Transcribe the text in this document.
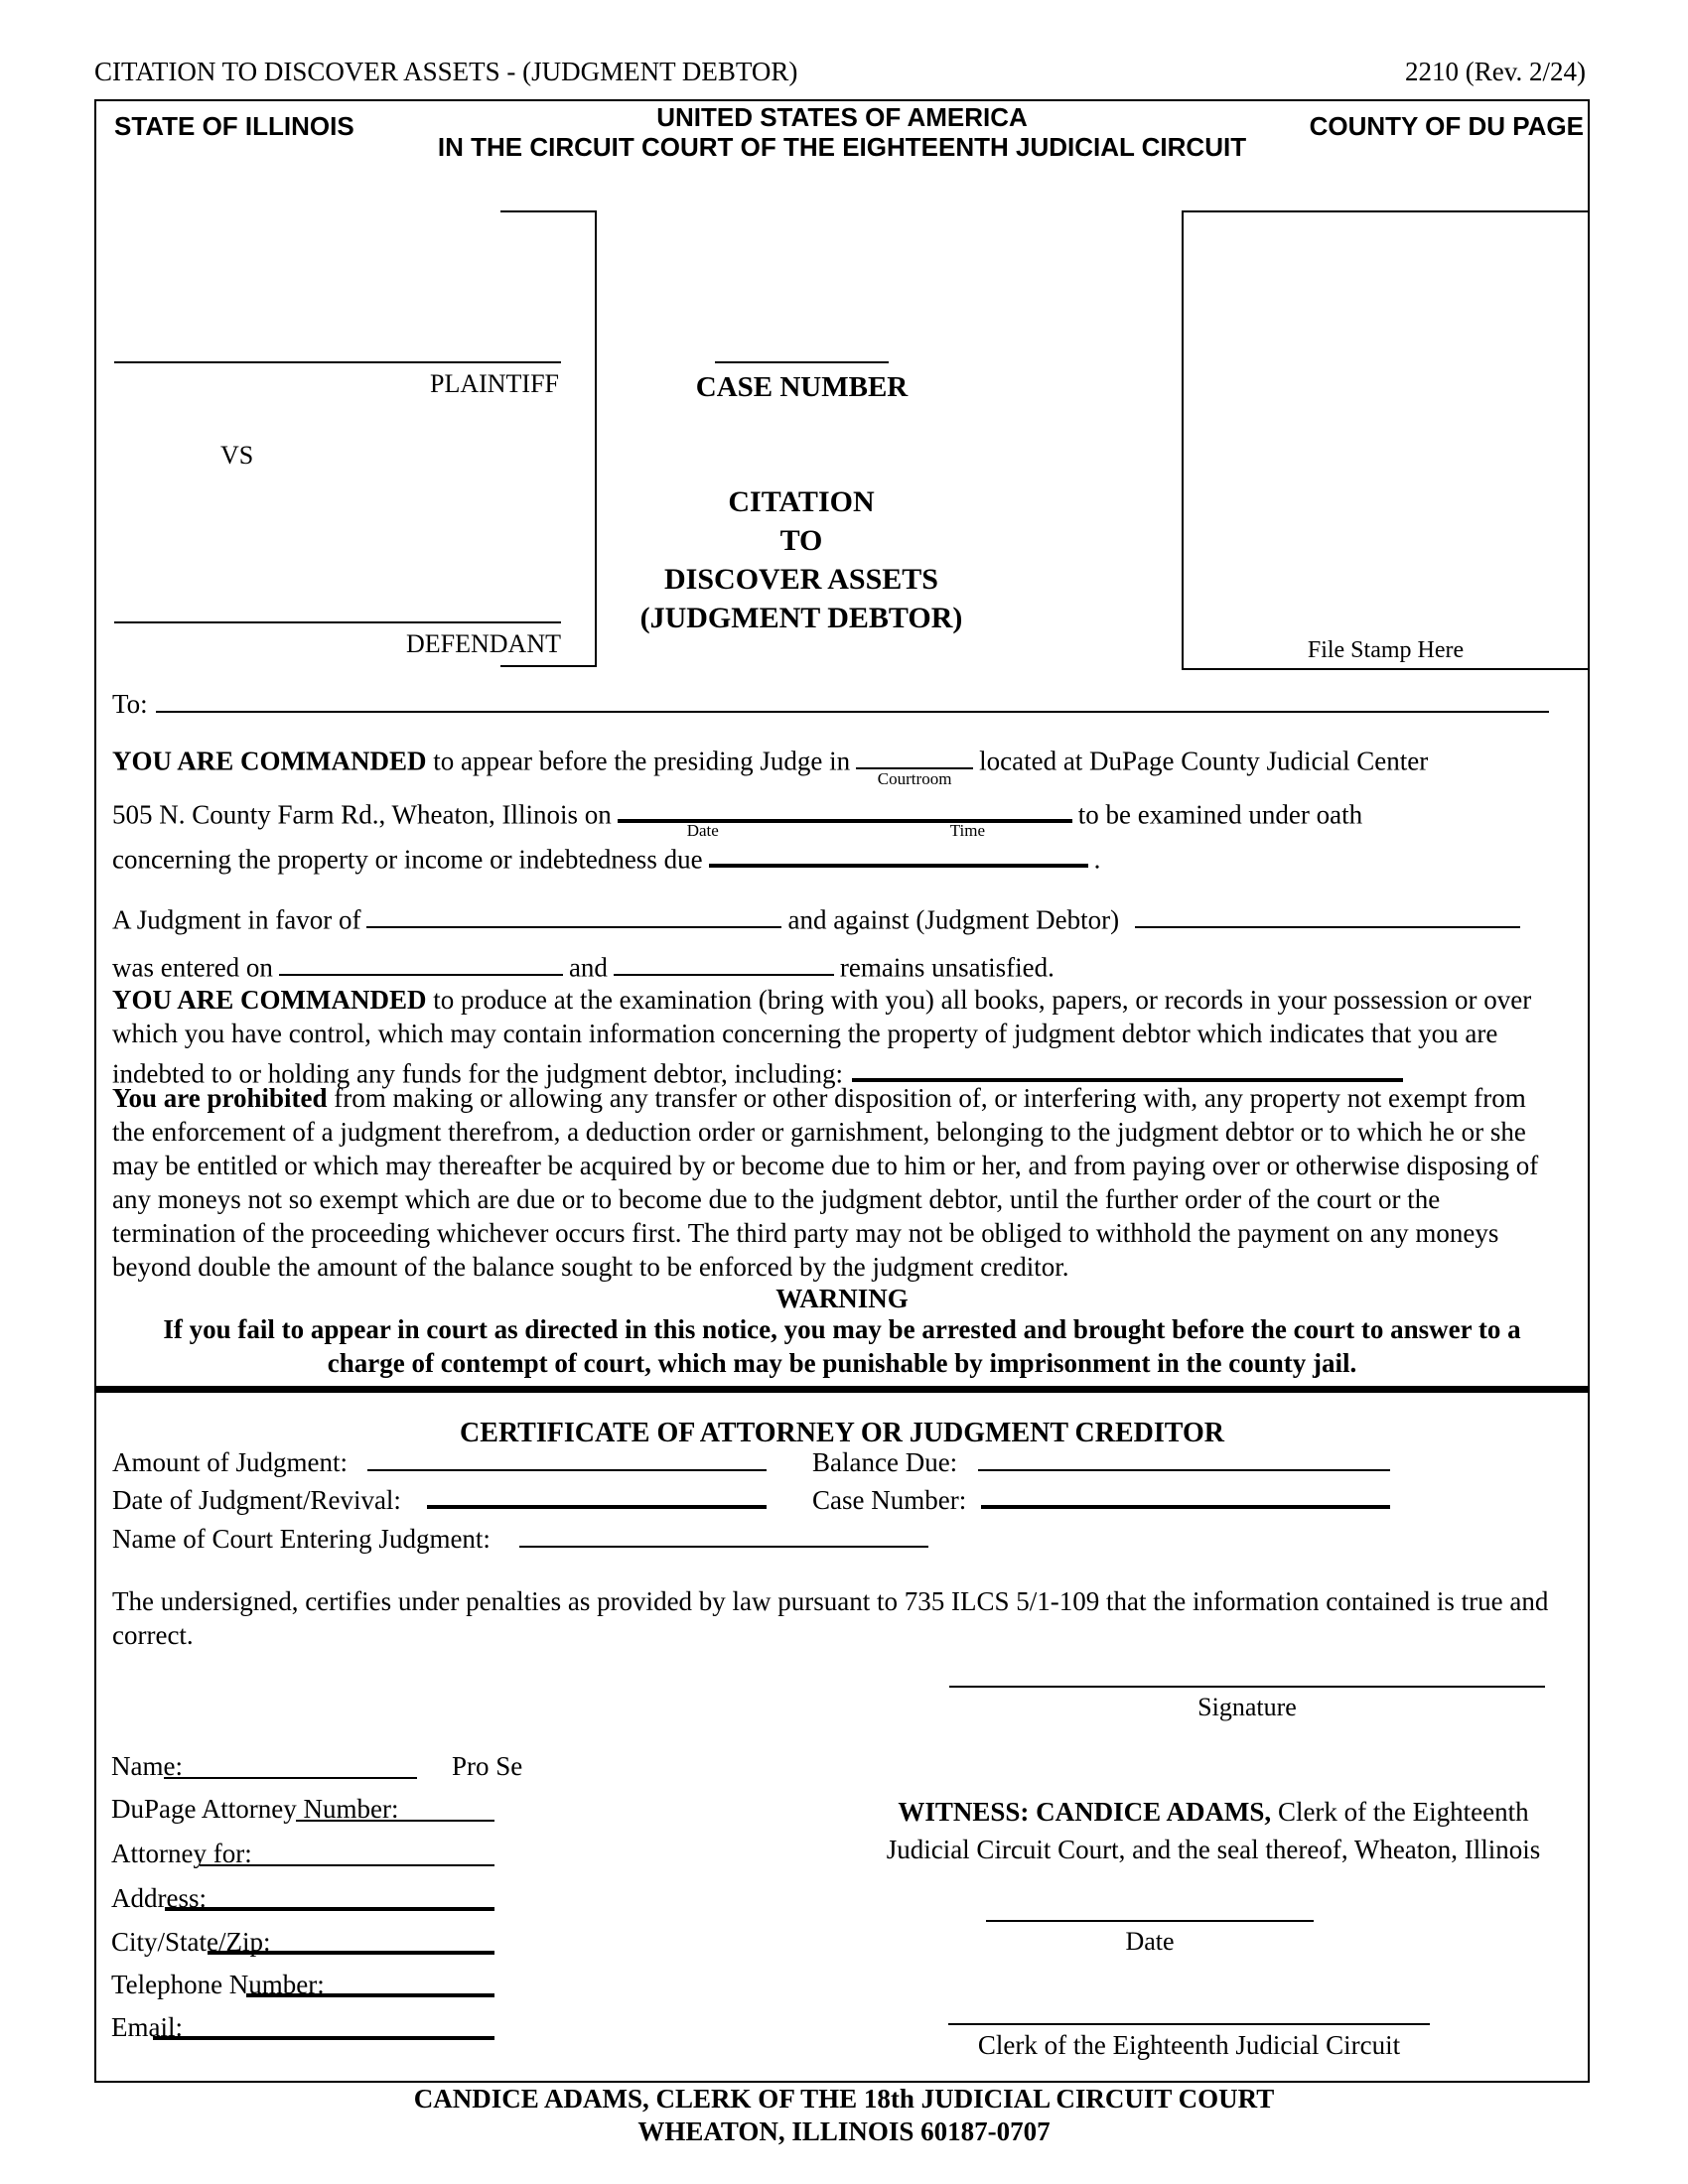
CITATION TO DISCOVER ASSETS - (JUDGMENT DEBTOR)	2210 (Rev. 2/24)
UNITED STATES OF AMERICA
STATE OF ILLINOIS	COUNTY OF DU PAGE
IN THE CIRCUIT COURT OF THE EIGHTEENTH JUDICIAL CIRCUIT
PLAINTIFF
VS
DEFENDANT
CASE NUMBER
CITATION
TO
DISCOVER ASSETS
(JUDGMENT DEBTOR)
File Stamp Here
To:
YOU ARE COMMANDED to appear before the presiding Judge in
Courtroom
located at DuPage County Judicial Center
505 N. County Farm Rd., Wheaton, Illinois on
Date	Time
to be examined under oath
concerning the property or income or indebtedness due	.
A Judgment in favor of	and against (Judgment Debtor)
was entered on	and	remains unsatisfied.
YOU ARE COMMANDED to produce at the examination (bring with you) all books, papers, or records in your possession or over which you have control, which may contain information concerning the property of judgment debtor which indicates that you are indebted to or holding any funds for the judgment debtor, including:
You are prohibited from making or allowing any transfer or other disposition of, or interfering with, any property not exempt from the enforcement of a judgment therefrom, a deduction order or garnishment, belonging to the judgment debtor or to which he or she may be entitled or which may thereafter be acquired by or become due to him or her, and from paying over or otherwise disposing of any moneys not so exempt which are due or to become due to the judgment debtor, until the further order of the court or the termination of the proceeding whichever occurs first. The third party may not be obliged to withhold the payment on any moneys beyond double the amount of the balance sought to be enforced by the judgment creditor.
WARNING
If you fail to appear in court as directed in this notice, you may be arrested and brought before the court to answer to a charge of contempt of court, which may be punishable by imprisonment in the county jail.
CERTIFICATE OF ATTORNEY OR JUDGMENT CREDITOR
Amount of Judgment:	Balance Due:
Date of Judgment/Revival:	Case Number:
Name of Court Entering Judgment:
The undersigned, certifies under penalties as provided by law pursuant to 735 ILCS 5/1-109 that the information contained is true and correct.
Signature
Name:	Pro Se
DuPage Attorney Number:
Attorney for:
Address:
City/State/Zip:
Telephone Number:
Email:
WITNESS: CANDICE ADAMS, Clerk of the Eighteenth Judicial Circuit Court, and the seal thereof, Wheaton, Illinois
Date
Clerk of the Eighteenth Judicial Circuit
CANDICE ADAMS, CLERK OF THE 18th JUDICIAL CIRCUIT COURT
WHEATON, ILLINOIS 60187-0707
